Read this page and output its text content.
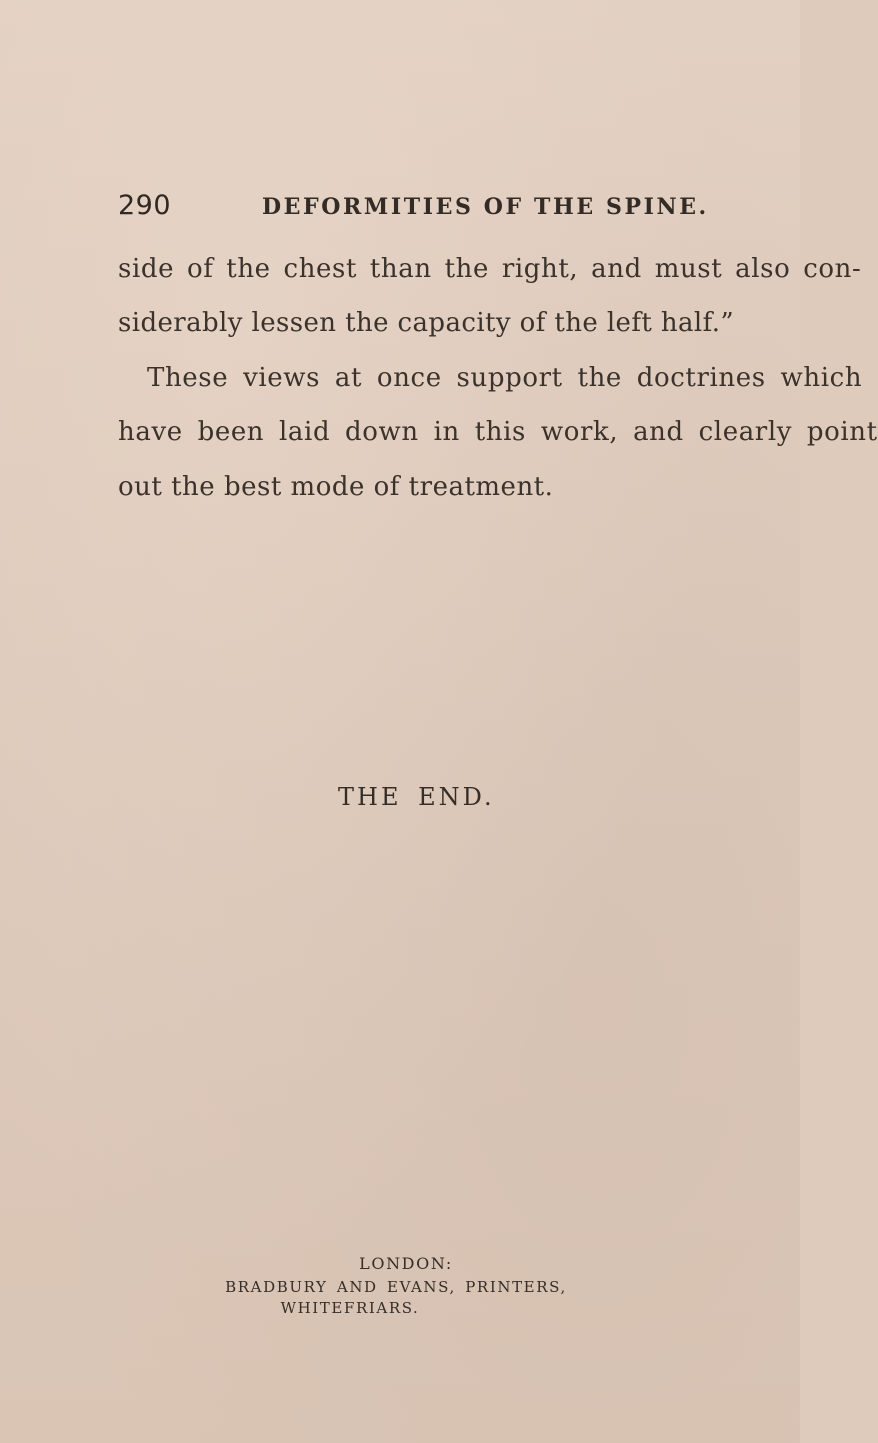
290	DEFORMITIES OF THE SPINE.
side of the chest than the right, and must also con-
siderably lessen the capacity of the left half.”
These views at once support the doctrines which
have been laid down in this work, and clearly point
out the best mode of treatment.
THE END.
LONDON:
BRADBURY AND EVANS, PRINTERS,
WHITEFRIARS.
